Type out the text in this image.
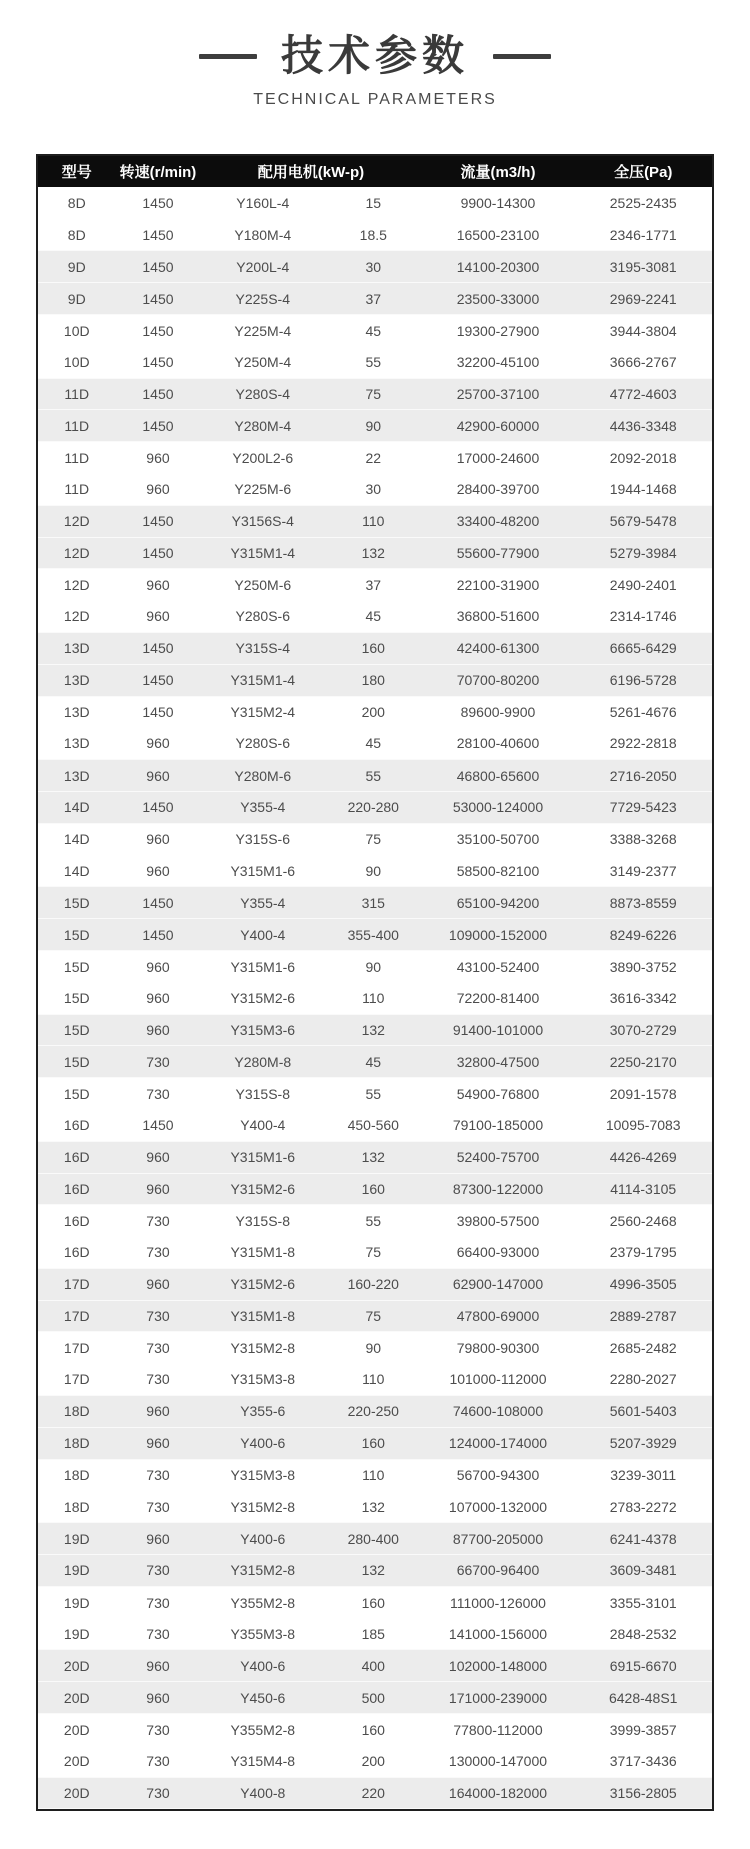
技术参数
TECHNICAL PARAMETERS
型号	转速(r/min)	配用电机(kW-p)		流量(m3/h)	全压(Pa)
8D	1450	Y160L-4	15	9900-14300	2525-2435
8D	1450	Y180M-4	18.5	16500-23100	2346-1771
9D	1450	Y200L-4	30	14100-20300	3195-3081
9D	1450	Y225S-4	37	23500-33000	2969-2241
10D	1450	Y225M-4	45	19300-27900	3944-3804
10D	1450	Y250M-4	55	32200-45100	3666-2767
11D	1450	Y280S-4	75	25700-37100	4772-4603
11D	1450	Y280M-4	90	42900-60000	4436-3348
11D	960	Y200L2-6	22	17000-24600	2092-2018
11D	960	Y225M-6	30	28400-39700	1944-1468
12D	1450	Y3156S-4	110	33400-48200	5679-5478
12D	1450	Y315M1-4	132	55600-77900	5279-3984
12D	960	Y250M-6	37	22100-31900	2490-2401
12D	960	Y280S-6	45	36800-51600	2314-1746
13D	1450	Y315S-4	160	42400-61300	6665-6429
13D	1450	Y315M1-4	180	70700-80200	6196-5728
13D	1450	Y315M2-4	200	89600-9900	5261-4676
13D	960	Y280S-6	45	28100-40600	2922-2818
13D	960	Y280M-6	55	46800-65600	2716-2050
14D	1450	Y355-4	220-280	53000-124000	7729-5423
14D	960	Y315S-6	75	35100-50700	3388-3268
14D	960	Y315M1-6	90	58500-82100	3149-2377
15D	1450	Y355-4	315	65100-94200	8873-8559
15D	1450	Y400-4	355-400	109000-152000	8249-6226
15D	960	Y315M1-6	90	43100-52400	3890-3752
15D	960	Y315M2-6	110	72200-81400	3616-3342
15D	960	Y315M3-6	132	91400-101000	3070-2729
15D	730	Y280M-8	45	32800-47500	2250-2170
15D	730	Y315S-8	55	54900-76800	2091-1578
16D	1450	Y400-4	450-560	79100-185000	10095-7083
16D	960	Y315M1-6	132	52400-75700	4426-4269
16D	960	Y315M2-6	160	87300-122000	4114-3105
16D	730	Y315S-8	55	39800-57500	2560-2468
16D	730	Y315M1-8	75	66400-93000	2379-1795
17D	960	Y315M2-6	160-220	62900-147000	4996-3505
17D	730	Y315M1-8	75	47800-69000	2889-2787
17D	730	Y315M2-8	90	79800-90300	2685-2482
17D	730	Y315M3-8	110	101000-112000	2280-2027
18D	960	Y355-6	220-250	74600-108000	5601-5403
18D	960	Y400-6	160	124000-174000	5207-3929
18D	730	Y315M3-8	110	56700-94300	3239-3011
18D	730	Y315M2-8	132	107000-132000	2783-2272
19D	960	Y400-6	280-400	87700-205000	6241-4378
19D	730	Y315M2-8	132	66700-96400	3609-3481
19D	730	Y355M2-8	160	111000-126000	3355-3101
19D	730	Y355M3-8	185	141000-156000	2848-2532
20D	960	Y400-6	400	102000-148000	6915-6670
20D	960	Y450-6	500	171000-239000	6428-48S1
20D	730	Y355M2-8	160	77800-112000	3999-3857
20D	730	Y315M4-8	200	130000-147000	3717-3436
20D	730	Y400-8	220	164000-182000	3156-2805
